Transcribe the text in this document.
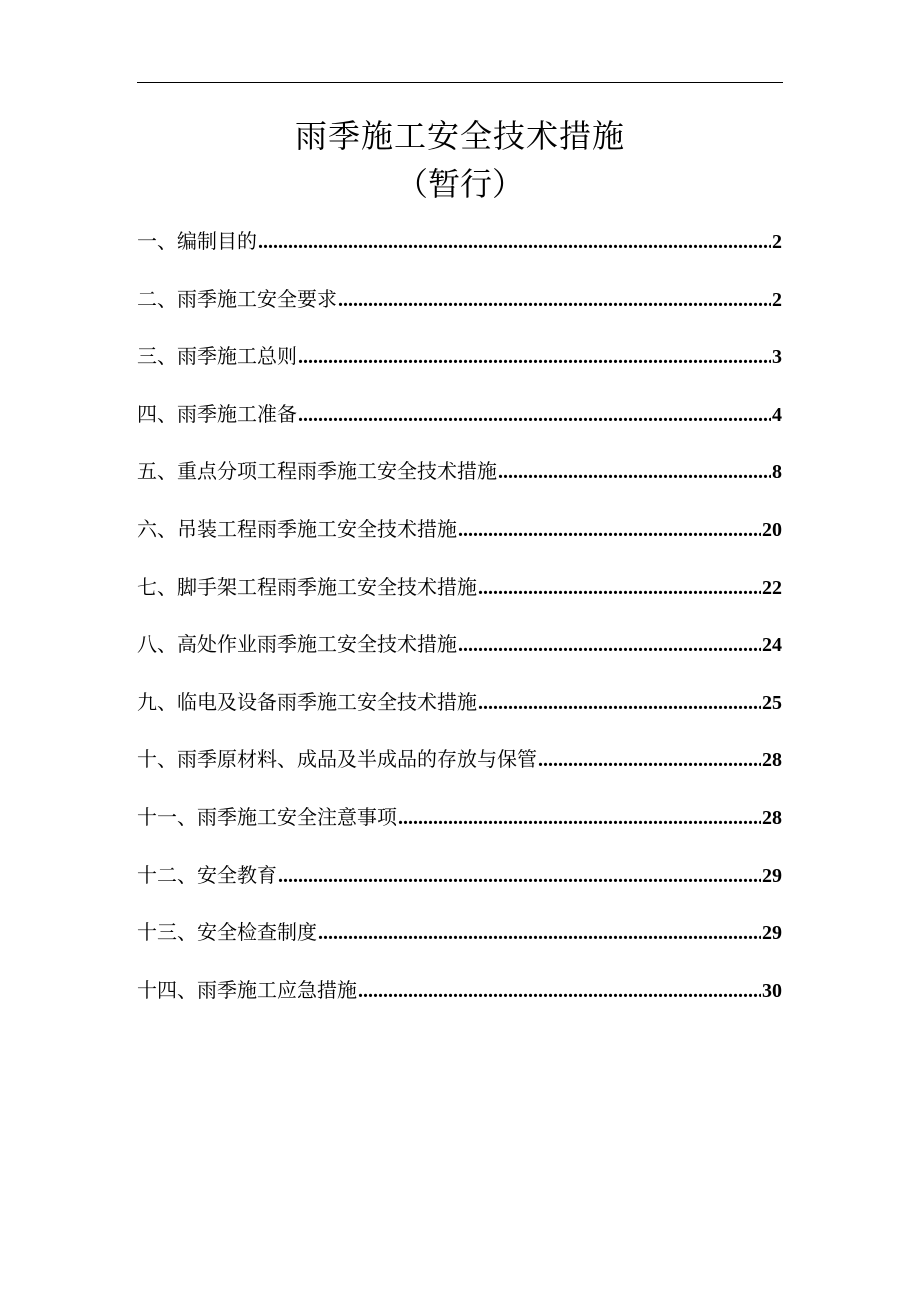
雨季施工安全技术措施
（暂行）
一、编制目的 .....	2
二、雨季施工安全要求 .....	2
三、雨季施工总则 .....	3
四、雨季施工准备 .....	4
五、重点分项工程雨季施工安全技术措施 .....	8
六、吊装工程雨季施工安全技术措施 .....	20
七、脚手架工程雨季施工安全技术措施 .....	22
八、高处作业雨季施工安全技术措施 .....	24
九、临电及设备雨季施工安全技术措施 .....	25
十、雨季原材料、成品及半成品的存放与保管 .....	28
十一、雨季施工安全注意事项 .....	28
十二、安全教育 .....	29
十三、安全检查制度 .....	29
十四、雨季施工应急措施 .....	30
